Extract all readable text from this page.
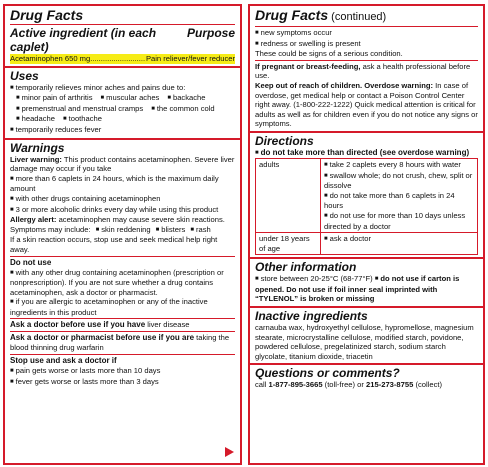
Drug Facts
Active ingredient (in each caplet)
Purpose
Acetaminophen 650 mg .......................... Pain reliever/fever reducer
Uses
■ temporarily relieves minor aches and pains due to:
■ minor pain of arthritis	■ muscular aches	■ backache
■ premenstrual and menstrual cramps	■ the common cold
■ headache	■ toothache
■ temporarily reduces fever
Warnings
Liver warning: This product contains acetaminophen. Severe liver damage may occur if you take
■ more than 6 caplets in 24 hours, which is the maximum daily amount
■ with other drugs containing acetaminophen
■ 3 or more alcoholic drinks every day while using this product
Allergy alert: acetaminophen may cause severe skin reactions.
Symptoms may include:	■ skin reddening	■ blisters	■ rash
If a skin reaction occurs, stop use and seek medical help right away.
Do not use
■ with any other drug containing acetaminophen (prescription or nonprescription). If you are not sure whether a drug contains acetaminophen, ask a doctor or pharmacist.
■ if you are allergic to acetaminophen or any of the inactive ingredients in this product
Ask a doctor before use if you have liver disease
Ask a doctor or pharmacist before use if you are taking the blood thinning drug warfarin
Stop use and ask a doctor if
■ pain gets worse or lasts more than 10 days
■ fever gets worse or lasts more than 3 days
Drug Facts (continued)
■ new symptoms occur
■ redness or swelling is present
These could be signs of a serious condition.
If pregnant or breast-feeding, ask a health professional before use.
Keep out of reach of children. Overdose warning: In case of overdose, get medical help or contact a Poison Control Center right away. (1-800-222-1222) Quick medical attention is critical for adults as well as for children even if you do not notice any signs or symptoms.
Directions
■ do not take more than directed (see overdose warning)
adults	■ take 2 caplets every 8 hours with water
■ swallow whole; do not crush, chew, split or dissolve
■ do not take more than 6 caplets in 24 hours
■ do not use for more than 10 days unless directed by a doctor

under 18 years of age	■ ask a doctor
Other information
■ store between 20-25°C (68-77°F) ■ do not use if carton is opened. Do not use if foil inner seal imprinted with “TYLENOL” is broken or missing
Inactive ingredients
carnauba wax, hydroxyethyl cellulose, hypromellose, magnesium stearate, microcrystalline cellulose, modified starch, povidone, powdered cellulose, pregelatinized starch, sodium starch glycolate, titanium dioxide, triacetin
Questions or comments?
call 1-877-895-3665 (toll-free) or 215-273-8755 (collect)
